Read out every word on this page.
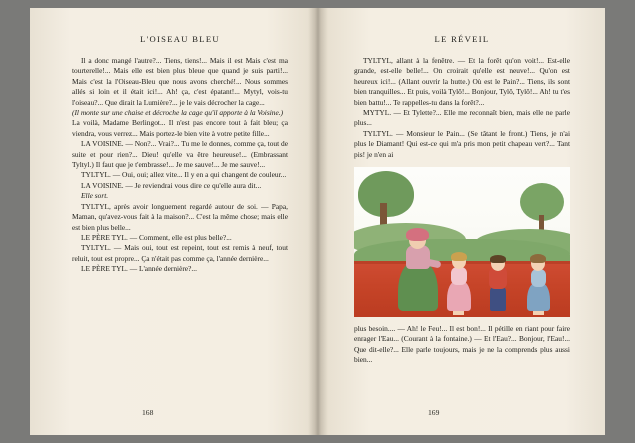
L'OISEAU BLEU

Il a donc mangé l'autre?... Tiens, tiens!... Mais il est Mais c'est ma tourterelle!... Mais elle est bien plus bleue que quand je suis parti!... Mais c'est la l'Oiseau-Bleu que nous avons cherché!... Nous sommes allés si loin et il était ici!... Ah! ça, c'est épatant!... Mytyl, vois-tu l'oiseau?... Que dirait la Lumière?... je le vais décrocher la cage...

(Il monte sur une chaise et décroche la cage qu'il apporte à la Voisine.)

La voilà, Madame Berlingot... Il n'est pas encore tout à fait bleu; ça viendra, vous verrez... Mais portez-le bien vite à votre petite fille...

LA VOISINE. — Non?... Vrai?... Tu me le donnes, comme ça, tout de suite et pour rien?... Dieu! qu'elle va être heureuse!... (Embrassant Tyltyl.) Il faut que je t'embrasse!... Je me sauve!... Je me sauve!...

TYLTYL. — Oui, oui; allez vite... Il y en a qui changent de couleur...

LA VOISINE. — Je reviendrai vous dire ce qu'elle aura dit...

Elle sort.

TYLTYL, après avoir longuement regardé autour de soi. — Papa, Maman, qu'avez-vous fait à la maison?... C'est la même chose; mais elle est bien plus belle...

LE PÈRE TYL. — Comment, elle est plus belle?...

TYLTYL. — Mais oui, tout est repeint, tout est remis à neuf, tout reluit, tout est propre... Ça n'était pas comme ça, l'année dernière...

LE PÈRE TYL. — L'année dernière?...

168
LE RÉVEIL

TYLTYL, allant à la fenêtre. — Et la forêt qu'on voit!... Est-elle grande, est-elle belle!... On croirait qu'elle est neuve!... Qu'on est heureux ici!... (Allant ouvrir la hutte.) Où est le Pain?... Tiens, ils sont bien tranquilles... Et puis, voilà Tylô!... Bonjour, Tylô, Tylô!... Ah! tu t'es bien battu!... Te rappelles-tu dans la forêt?...

MYTYL. — Et Tylette?... Elle me reconnaît bien, mais elle ne parle plus...

TYLTYL. — Monsieur le Pain... (Se tâtant le front.) Tiens, je n'ai plus le Diamant! Qui est-ce qui m'a pris mon petit chapeau vert?... Tant pis! je n'en ai

plus besoin.... — Ah! le Feu!... Il est bon!... Il pétille en riant pour faire enrager l'Eau... (Courant à la fontaine.) — Et l'Eau?... Bonjour, l'Eau!... Que dit-elle?... Elle parle toujours, mais je ne la comprends plus aussi bien...

169
